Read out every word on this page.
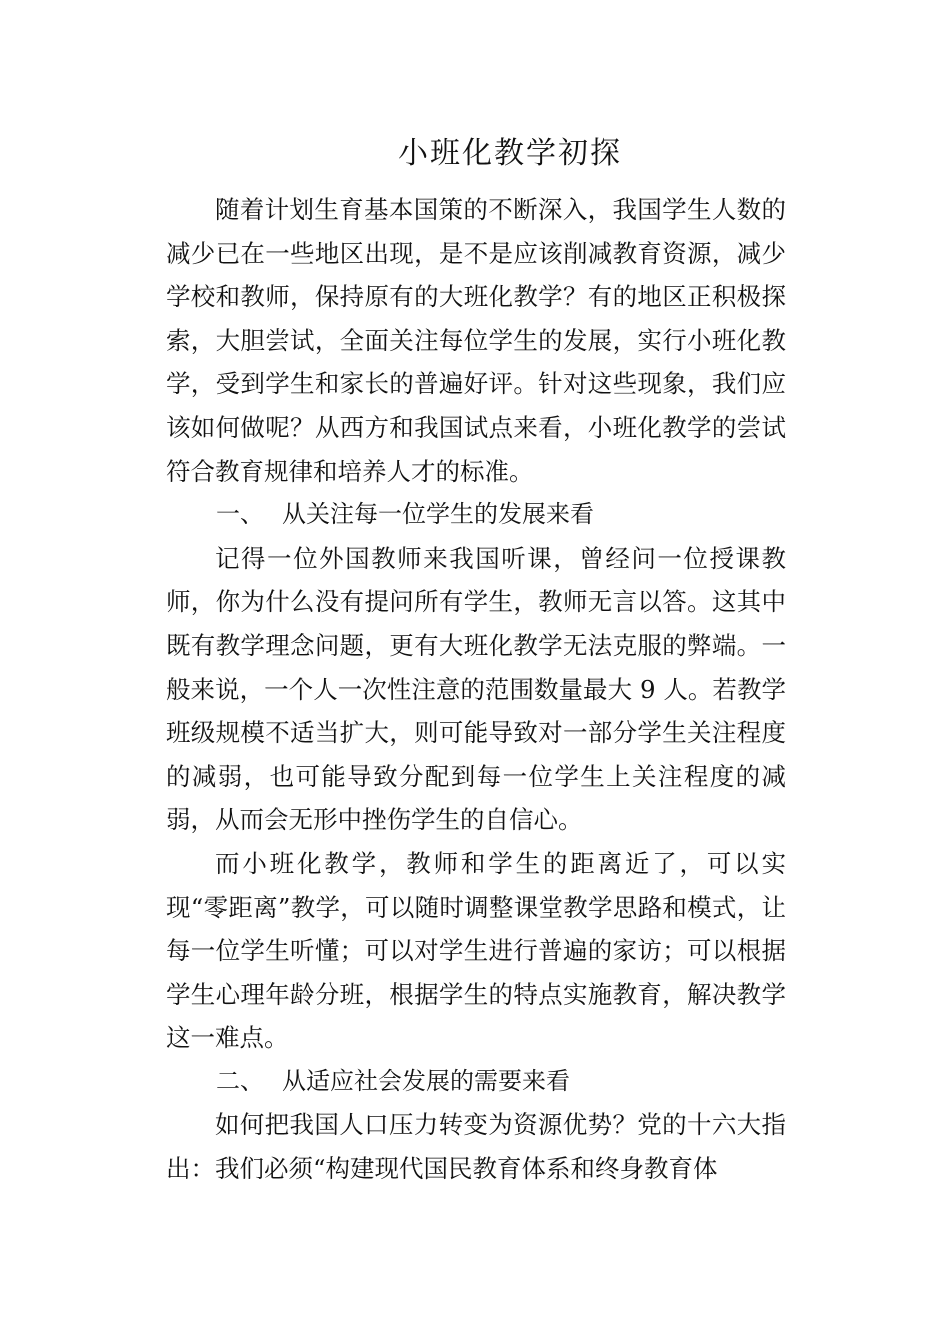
小班化教学初探

随着计划生育基本国策的不断深入，我国学生人数的减少已在一些地区出现，是不是应该削减教育资源，减少学校和教师，保持原有的大班化教学？有的地区正积极探索，大胆尝试，全面关注每位学生的发展，实行小班化教学，受到学生和家长的普遍好评。针对这些现象，我们应该如何做呢？从西方和我国试点来看，小班化教学的尝试符合教育规律和培养人才的标准。

一、 从关注每一位学生的发展来看

记得一位外国教师来我国听课，曾经问一位授课教师，你为什么没有提问所有学生，教师无言以答。这其中既有教学理念问题，更有大班化教学无法克服的弊端。一般来说，一个人一次性注意的范围数量最大 9 人。若教学班级规模不适当扩大，则可能导致对一部分学生关注程度的减弱，也可能导致分配到每一位学生上关注程度的减弱，从而会无形中挫伤学生的自信心。

而小班化教学，教师和学生的距离近了，可以实现“零距离”教学，可以随时调整课堂教学思路和模式，让每一位学生听懂；可以对学生进行普遍的家访；可以根据学生心理年龄分班，根据学生的特点实施教育，解决教学这一难点。

二、 从适应社会发展的需要来看

如何把我国人口压力转变为资源优势？党的十六大指出：我们必须“构建现代国民教育体系和终身教育体
